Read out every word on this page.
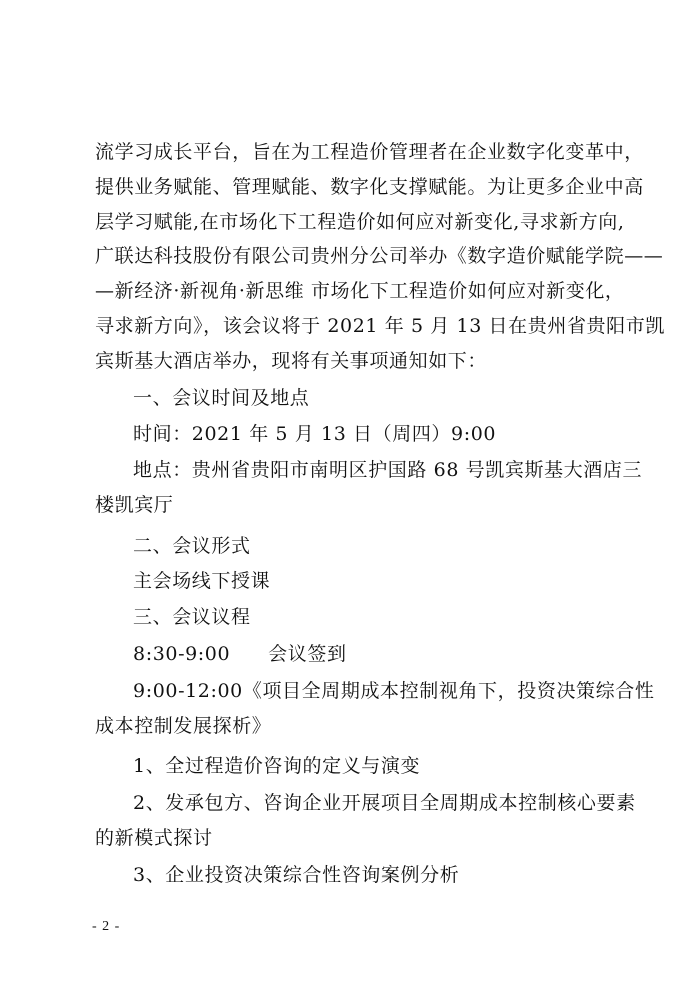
流学习成长平台，旨在为工程造价管理者在企业数字化变革中，
提供业务赋能、管理赋能、数字化支撑赋能。为让更多企业中高
层学习赋能,在市场化下工程造价如何应对新变化,寻求新方向,
广联达科技股份有限公司贵州分公司举办《数字造价赋能学院——
—新经济·新视角·新思维 市场化下工程造价如何应对新变化，
寻求新方向》，该会议将于 2021 年 5 月 13 日在贵州省贵阳市凯
宾斯基大酒店举办，现将有关事项通知如下：
一、会议时间及地点
时间：2021 年 5 月 13 日（周四）9:00
地点：贵州省贵阳市南明区护国路 68 号凯宾斯基大酒店三
楼凯宾厅
二、会议形式
主会场线下授课
三、会议议程
8:30-9:00 会议签到
9:00-12:00《项目全周期成本控制视角下，投资决策综合性
成本控制发展探析》
1、全过程造价咨询的定义与演变
2、发承包方、咨询企业开展项目全周期成本控制核心要素
的新模式探讨
3、企业投资决策综合性咨询案例分析
- 2 -
